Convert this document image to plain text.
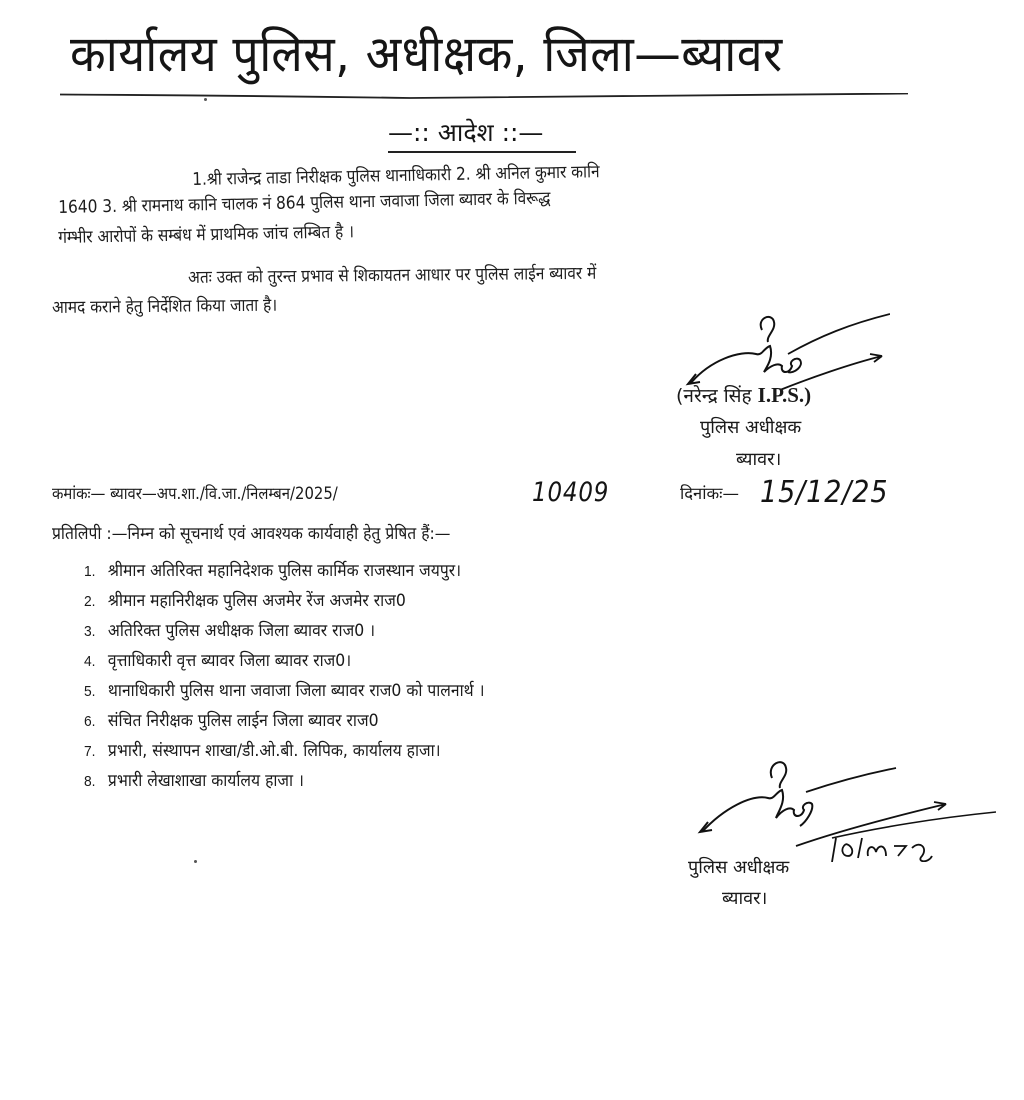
कार्यालय पुलिस, अधीक्षक, जिला—ब्यावर
—:: आदेश ::—
1.श्री राजेन्द्र ताडा निरीक्षक पुलिस थानाधिकारी 2. श्री अनिल कुमार कानि
1640 3. श्री रामनाथ कानि चालक नं 864 पुलिस थाना जवाजा जिला ब्यावर के विरूद्ध
गंम्भीर आरोपों के सम्बंध में प्राथमिक जांच लम्बित है ।
अतः उक्त को तुरन्त प्रभाव से शिकायतन आधार पर पुलिस लाईन ब्यावर में
आमद कराने हेतु निर्देशित किया जाता है।
(नरेन्द्र सिंह I.P.S.)
पुलिस अधीक्षक
ब्यावर।
कमांकः— ब्यावर—अप.शा./वि.जा./निलम्बन/2025/	10409	दिनांकः— 15/12/25
प्रतिलिपी :—निम्न को सूचनार्थ एवं आवश्यक कार्यवाही हेतु प्रेषित हैं:—
1. श्रीमान अतिरिक्त महानिदेशक पुलिस कार्मिक राजस्थान जयपुर।
2. श्रीमान महानिरीक्षक पुलिस अजमेर रेंज अजमेर राज0
3. अतिरिक्त पुलिस अधीक्षक जिला ब्यावर राज0 ।
4. वृत्ताधिकारी वृत्त ब्यावर जिला ब्यावर राज0।
5. थानाधिकारी पुलिस थाना जवाजा जिला ब्यावर राज0 को पालनार्थ ।
6. संचित निरीक्षक पुलिस लाईन जिला ब्यावर राज0
7. प्रभारी, संस्थापन शाखा/डी.ओ.बी. लिपिक, कार्यालय हाजा।
8. प्रभारी लेखाशाखा कार्यालय हाजा ।
पुलिस अधीक्षक
ब्यावर।
